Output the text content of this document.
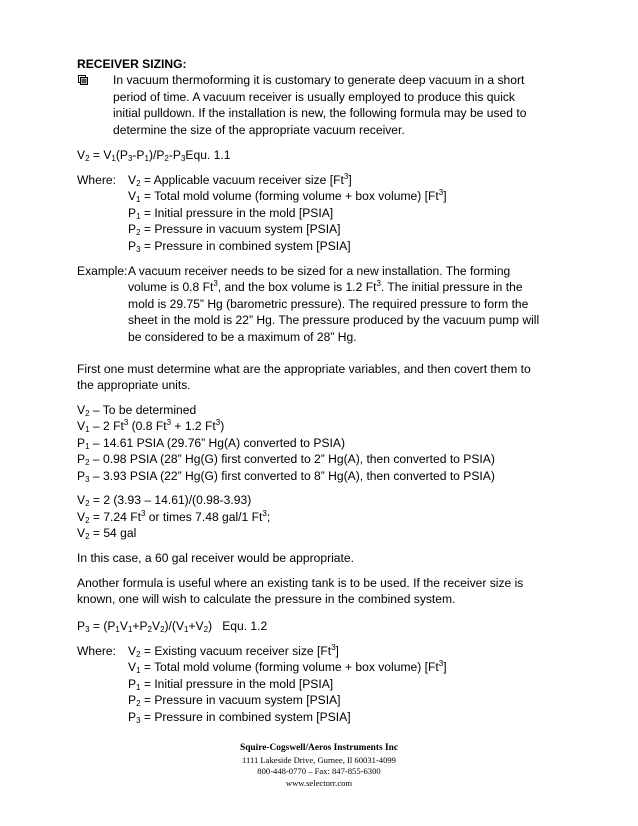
RECEIVER SIZING:
In vacuum thermoforming it is customary to generate deep vacuum in a short
period of time. A vacuum receiver is usually employed to produce this quick
initial pulldown. If the installation is new, the following formula may be used to
determine the size of the appropriate vacuum receiver.
$V_2 = V_1(P_3-P_1)/P_2-P_3Equ$. 1.1
Where: $V_2$ = Applicable vacuum receiver size [Ft$^3$]
$V_1$ = Total mold volume (forming volume + box volume) [Ft$^3$]
$P_1$ = Initial pressure in the mold [PSIA]
$P_2$ = Pressure in vacuum system [PSIA]
$P_3$ = Pressure in combined system [PSIA]
Example: A vacuum receiver needs to be sized for a new installation. The forming
volume is 0.8 Ft$^3$, and the box volume is 1.2 Ft$^3$. The initial pressure in the
mold is 29.75” Hg (barometric pressure). The required pressure to form the
sheet in the mold is 22” Hg. The pressure produced by the vacuum pump will
be considered to be a maximum of 28” Hg.
First one must determine what are the appropriate variables, and then covert them to
the appropriate units.
$V_2$ – To be determined
$V_1 - 2$ Ft$^3$ (0.8 $Ft^3 + 1.2$ Ft$^3$)
$P_1 - 14.61$ PSIA (29.76” Hg(A) converted to PSIA)
$P_2 - 0.98$ PSIA (28” Hg(G) first converted to 2” Hg(A), then converted to PSIA)
$P_3 - 3.93$ PSIA (22” Hg(G) first converted to 8” Hg(A), then converted to PSIA)
$V_2 = 2$ (3.93 – 14.61)/(0.98-3.93)
$V_2 = 7.24$ Ft$^3$ or times 7.48 gal/1 Ft$^3$;
$V_2 = 54$ gal
In this case, a 60 gal receiver would be appropriate.
Another formula is useful where an existing tank is to be used. If the receiver size is
known, one will wish to calculate the pressure in the combined system.
$P_3 = (P_1V_1+P_2V_2)/(V_1+V_2)$ Equ. 1.2
Where: $V_2$ = Existing vacuum receiver size [Ft$^3$]
$V_1$ = Total mold volume (forming volume + box volume) [Ft$^3$]
$P_1$ = Initial pressure in the mold [PSIA]
$P_2$ = Pressure in vacuum system [PSIA]
$P_3$ = Pressure in combined system [PSIA]
Squire-Cogswell/Aeros Instruments Inc
1111 Lakeside Drive, Gurnee, Il 60031-4099
800-448-0770 – Fax: 847-855-6300
www.selectorr.com
